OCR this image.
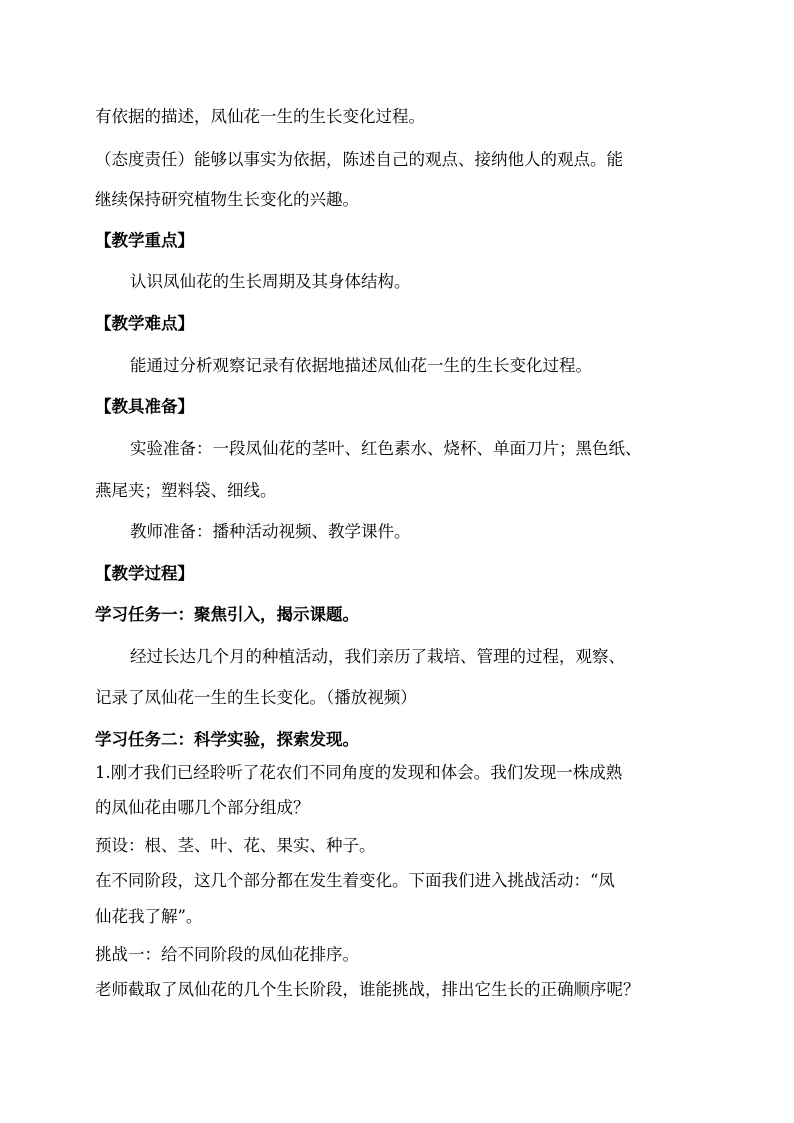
有依据的描述，凤仙花一生的生长变化过程。
（态度责任）能够以事实为依据，陈述自己的观点、接纳他人的观点。能
继续保持研究植物生长变化的兴趣。
【教学重点】
认识凤仙花的生长周期及其身体结构。
【教学难点】
能通过分析观察记录有依据地描述凤仙花一生的生长变化过程。
【教具准备】
实验准备：一段凤仙花的茎叶、红色素水、烧杯、单面刀片；黑色纸、
燕尾夹；塑料袋、细线。
教师准备：播种活动视频、教学课件。
【教学过程】
学习任务一：聚焦引入，揭示课题。
经过长达几个月的种植活动，我们亲历了栽培、管理的过程，观察、
记录了凤仙花一生的生长变化。（播放视频）
学习任务二：科学实验，探索发现。
1.刚才我们已经聆听了花农们不同角度的发现和体会。我们发现一株成熟
的凤仙花由哪几个部分组成？
预设：根、茎、叶、花、果实、种子。
在不同阶段，这几个部分都在发生着变化。下面我们进入挑战活动：“凤
仙花我了解”。
挑战一：给不同阶段的凤仙花排序。
老师截取了凤仙花的几个生长阶段，谁能挑战，排出它生长的正确顺序呢？
